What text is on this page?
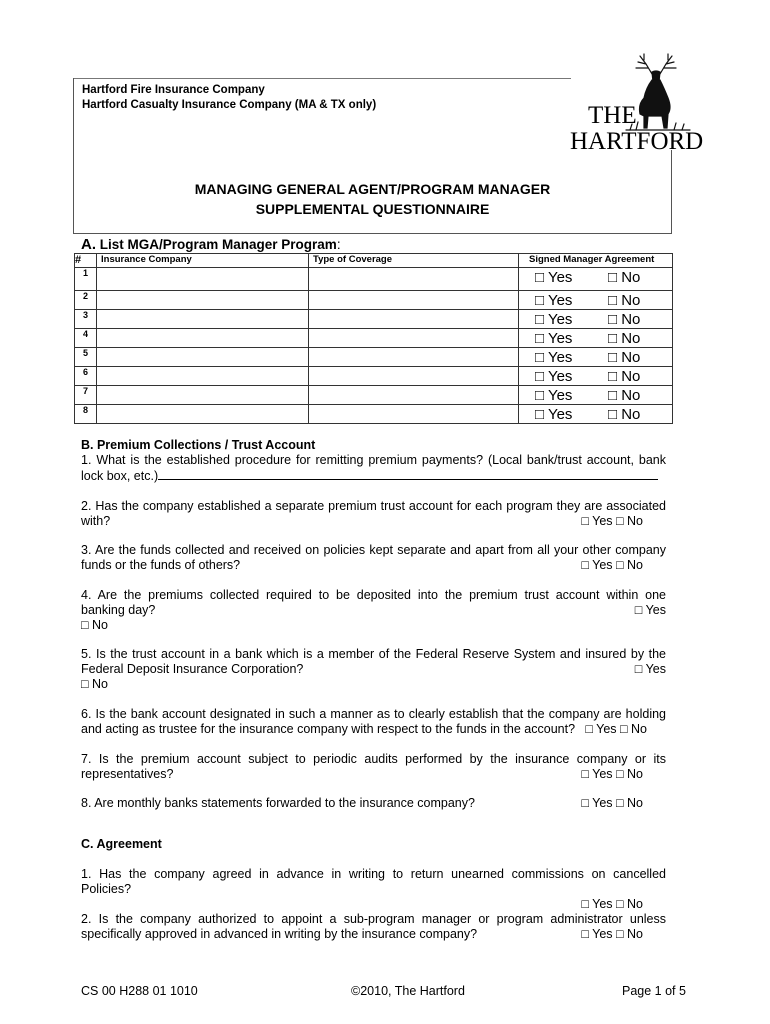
Hartford Fire Insurance Company
Hartford Casualty Insurance Company (MA & TX only)	THE
HARTFORD
MANAGING GENERAL AGENT/PROGRAM MANAGER
SUPPLEMENTAL QUESTIONNAIRE
A. List MGA/Program Manager Program:
#	Insurance Company	Type of Coverage	Signed Manager Agreement
1			□ Yes □ No

2			□ Yes □ No

3			□ Yes □ No

4			□ Yes □ No

5			□ Yes □ No

6			□ Yes □ No

7			□ Yes □ No

8			□ Yes □ No
B. Premium Collections / Trust Account
1. What is the established procedure for remitting premium payments? (Local bank/trust account, bank
lock box, etc.)
2. Has the company established a separate premium trust account for each program they are associated
with?	□ Yes □ No
3. Are the funds collected and received on policies kept separate and apart from all your other company
funds or the funds of others?	□ Yes □ No
4. Are the premiums collected required to be deposited into the premium trust account within one
banking day?	□ Yes
□ No
5. Is the trust account in a bank which is a member of the Federal Reserve System and insured by the
Federal Deposit Insurance Corporation?	□ Yes
□ No
6. Is the bank account designated in such a manner as to clearly establish that the company are holding
and acting as trustee for the insurance company with respect to the funds in the account? □ Yes □ No
7. Is the premium account subject to periodic audits performed by the insurance company or its
representatives?	□ Yes □ No
8. Are monthly banks statements forwarded to the insurance company?	□ Yes □ No
C. Agreement
1. Has the company agreed in advance in writing to return unearned commissions on cancelled
Policies?
□ Yes □ No
2. Is the company authorized to appoint a sub-program manager or program administrator unless
specifically approved in advanced in writing by the insurance company?	□ Yes □ No
CS 00 H288 01 1010	©2010, The Hartford	Page 1 of 5
